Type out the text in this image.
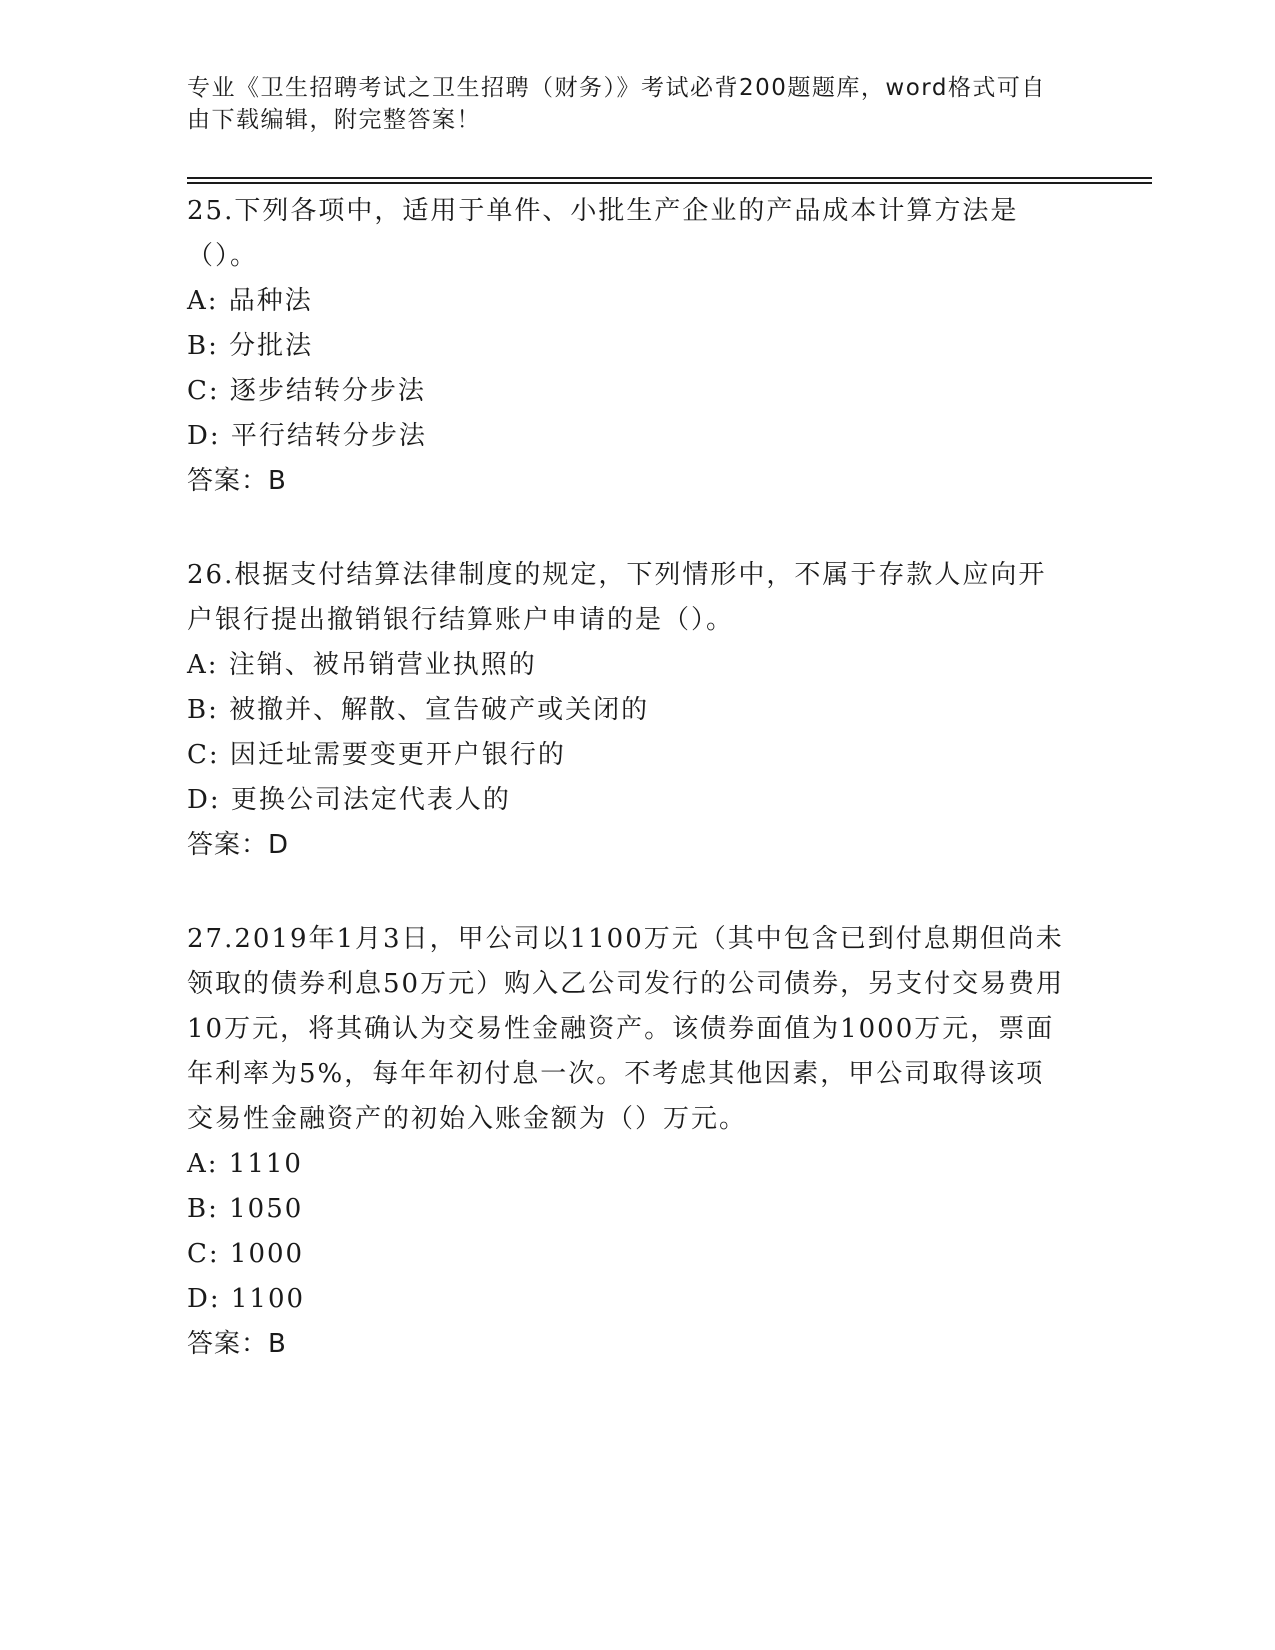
专业《卫生招聘考试之卫生招聘（财务）》考试必背200题题库，word格式可自由下载编辑，附完整答案！

25.下列各项中，适用于单件、小批生产企业的产品成本计算方法是（）。

A: 品种法

B: 分批法

C: 逐步结转分步法

D: 平行结转分步法

答案：B

26.根据支付结算法律制度的规定，下列情形中，不属于存款人应向开户银行提出撤销银行结算账户申请的是（）。

A: 注销、被吊销营业执照的

B: 被撤并、解散、宣告破产或关闭的

C: 因迁址需要变更开户银行的

D: 更换公司法定代表人的

答案：D

27.2019年1月3日，甲公司以1100万元（其中包含已到付息期但尚未领取的债券利息50万元）购入乙公司发行的公司债券，另支付交易费用10万元，将其确认为交易性金融资产。该债券面值为1000万元，票面年利率为5%，每年年初付息一次。不考虑其他因素，甲公司取得该项交易性金融资产的初始入账金额为（）万元。

A: 1110

B: 1050

C: 1000

D: 1100

答案：B
